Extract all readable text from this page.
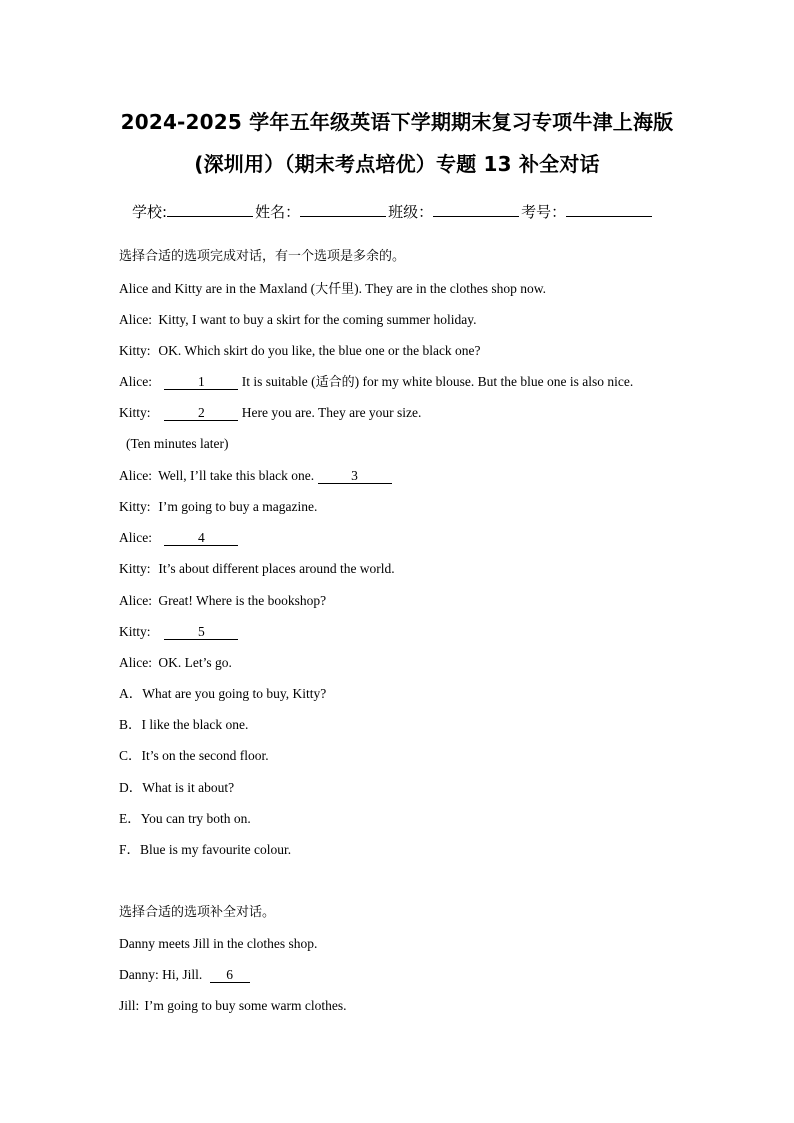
2024-2025 学年五年级英语下学期期末复习专项牛津上海版
(深圳用）（期末考点培优）专题 13 补全对话
学校:	姓名：	班级：	考号：
选择合适的选项完成对话，有一个选项是多余的。
Alice and Kitty are in the Maxland (大仟里). They are in the clothes shop now.
Alice: Kitty, I want to buy a skirt for the coming summer holiday.
Kitty: OK. Which skirt do you like, the blue one or the black one?
Alice:	1	It is suitable (适合的) for my white blouse. But the blue one is also nice.
Kitty:	2	Here you are. They are your size.
(Ten minutes later)
Alice: Well, I’ll take this black one.	3
Kitty: I’m going to buy a magazine.
Alice:	4
Kitty: It’s about different places around the world.
Alice: Great! Where is the bookshop?
Kitty:	5
Alice: OK. Let’s go.
A．What are you going to buy, Kitty?
B．I like the black one.
C．It’s on the second floor.
D．What is it about?
E．You can try both on.
F．Blue is my favourite colour.
选择合适的选项补全对话。
Danny meets Jill in the clothes shop.
Danny: Hi, Jill. 6
Jill: I’m going to buy some warm clothes.
